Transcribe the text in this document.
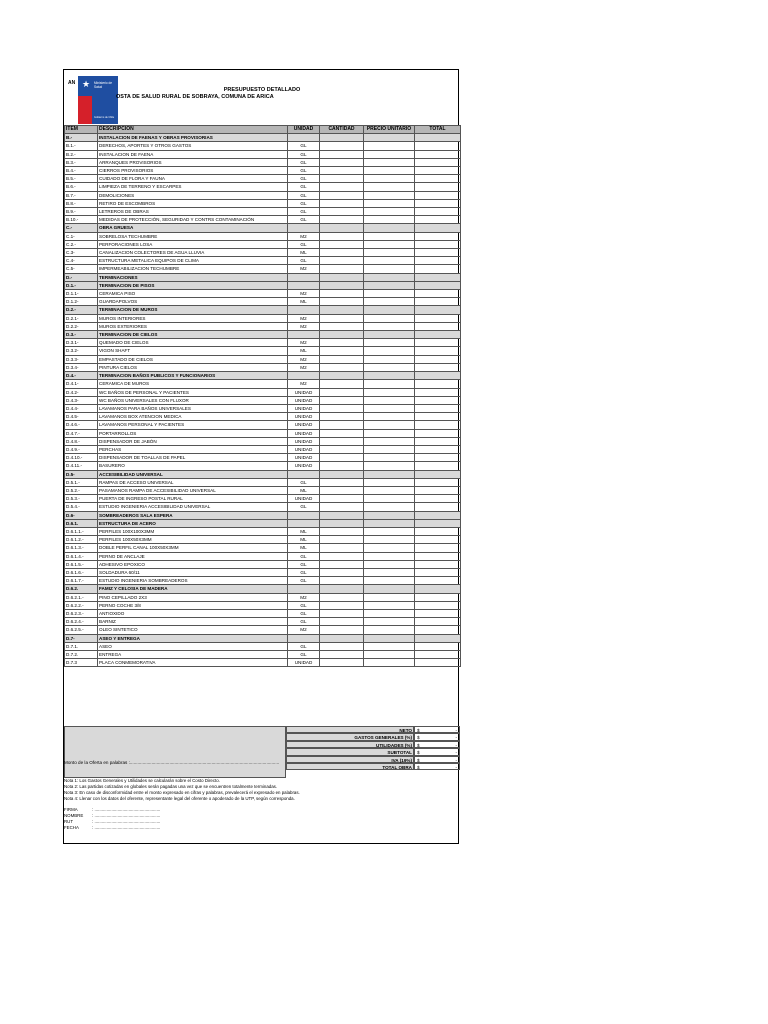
AN ★ Ministerio de Salud
Gobierno de Chile
PRESUPUESTO DETALLADO
OSTA DE SALUD RURAL DE SOBRAYA, COMUNA DE ARICA
ITEM	DESCRIPCION	UNIDAD	CANTIDAD	PRECIO UNITARIO	TOTAL
B.-	INSTALACION DE FAENAS Y OBRAS PROVISORIAS				
B.1.-	DERECHOS, APORTES Y OTROS GASTOS	GL			
B.2.-	INSTALACION DE FAENA	GL			
B.3.-	ARRANQUES PROVISORIOS	GL			
B.4.-	CIERROS PROVISORIOS	GL			
B.5.-	CUIDADO DE FLORA Y FAUNA	GL			
B.6.-	LIMPIEZA DE TERRENO Y ESCARPES	GL			
B.7.-	DEMOLICIONES	GL			
B.8.-	RETIRO DE ESCOMBROS	GL			
B.9.-	LETREROS DE OBRAS	GL			
B.10.-	MEDIDAS DE PROTECCIÓN, SEGURIDAD Y CONTRS CONTAMINACIÓN	GL			
C.-	OBRA GRUESA				
C.1-	SOBRELOSA TECHUMBRE	M2			
C.2.-	PERFORACIONES LOSA	GL			
C.3-	CANALIZACION COLECTORES DE AGUA LLUVIA	ML			
C.4-	ESTRUCTURA METALICA EQUIPOS DE CLIMA	GL			
C.5-	IMPERMEABILIZACION TECHUMBRE	M2			
D.-	TERMINACIONES				
D.1.-	TERMINACION DE PISOS				
D.1.1-	CERAMICA PISO	M2			
D.1.2-	GUARDAPOLVOS	ML			
D.2.-	TERMINACION DE MUROS				
D.2.1-	MUROS INTERIORES	M2			
D.2.2-	MUROS EXTERIORES	M2			
D.3.-	TERMINACION DE CIELOS				
D.3.1-	QUEMADO DE CIELOS	M2			
D.3.2-	VIGON SHAFT	ML			
D.3.3-	EMPASTADO DE CIELOS	M2			
D.3.4-	PINTURA CIELOS	M2			
D.4.-	TERMINACION BAÑOS PUBLICOS Y FUNCIONARIOS				
D.4.1-	CERAMICA DE MUROS	M2			
D.4.2-	WC BAÑOS DE PERSONAL Y PACIENTES	UNIDAD			
D.4.3-	WC BAÑOS UNIVERSALES CON FLUXOR	UNIDAD			
D.4.4-	LAVAMANOS PARA BAÑOS UNIVERSALES	UNIDAD			
D.4.5-	LAVAMANOS BOX ATENCION MEDICA	UNIDAD			
D.4.6.-	LAVAMANOS PERSONAL Y PACIENTES	UNIDAD			
D.4.7.-	PORTARROLLOS	UNIDAD			
D.4.8.-	DISPENSADOR DE JABÓN	UNIDAD			
D.4.9.-	PERCHAS	UNIDAD			
D.4.10.-	DISPENSADOR DE TOALLAS DE PAPEL	UNIDAD			
D.4.11.-	BASURERO	UNIDAD			
D.5-	ACCESIBILIDAD UNIVERSAL				
D.5.1.-	RAMPAS DE ACCESO UNIVERSAL	GL			
D.5.2.-	PASAMANOS RAMPA DE ACCESIBILIDAD UNIVERSAL	ML			
D.5.3.-	PUERTA DE INGRESO POSTAL RURAL	UNIDAD			
D.5.4.-	ESTUDIO INGENIERIA ACCESIBILIDAD UNIVERSAL	GL			
D.6-	SOMBREADEROS SALA ESPERA				
D.6.1.	ESTRUCTURA DE ACERO				
D.6.1.1.-	PERFILES 100X100X3MM	ML			
D.6.1.2.-	PERFILES 100X50X3MM	ML			
D.6.1.3.-	DOBLE PERFIL CANAL 100X50X3MM	ML			
D.6.1.4.-	PERNO DE ANCLAJE	GL			
D.6.1.5.-	ADHESIVO EPOXICO	GL			
D.6.1.6.-	SOLDADURA 60/11	GL			
D.6.1.7.-	ESTUDIO INGENIERIA SOMBREADEROS	GL			
D.6.2.	FAMIZ Y CELOSIA DE MADERA				
D.6.2.1.-	PINO CEPILLADO 2X3	M2			
D.6.2.2.-	PERNO COCHE 3/8	GL			
D.6.2.3.-	ANTIOXIDO	GL			
D.6.2.4.-	BARNIZ	GL			
D.6.2.5.-	OLEO SINTETICO	M2			
D.7-	ASEO Y ENTREGA				
D.7.1.	ASEO	GL			
D.7.2.	ENTREGA	GL			
D.7.3	PLACA CONMEMORATIVA	UNIDAD			
NETO	$	-
GASTOS GENERALES (%)	$	-
UTILIDADES (%)	$	-
SUBTOTAL	$	-
IVA (19%)	$	-
TOTAL OBRA	$	-
Monto de la Oferta en palabras :.....................................................................................................................
Nota 1: Los Gastos Generales y Utilidades se calcularán sobre el Costo Directo.
Nota 2: Las partidas cotizadas en globales serán pagadas una vez que se encuentren totalmente terminadas.
Nota 3: En caso de disconformidad entre el monto expresado en cifras y palabras, prevalecerá el expresado en palabras.
Nota 4: Llenar con los datos del oferente, representante legal del oferente o apoderado de la UTP, según corresponda.
FIRMA	: ......................................................
NOMBRE : ......................................................
RUT	: ......................................................
FECHA	: ......................................................
